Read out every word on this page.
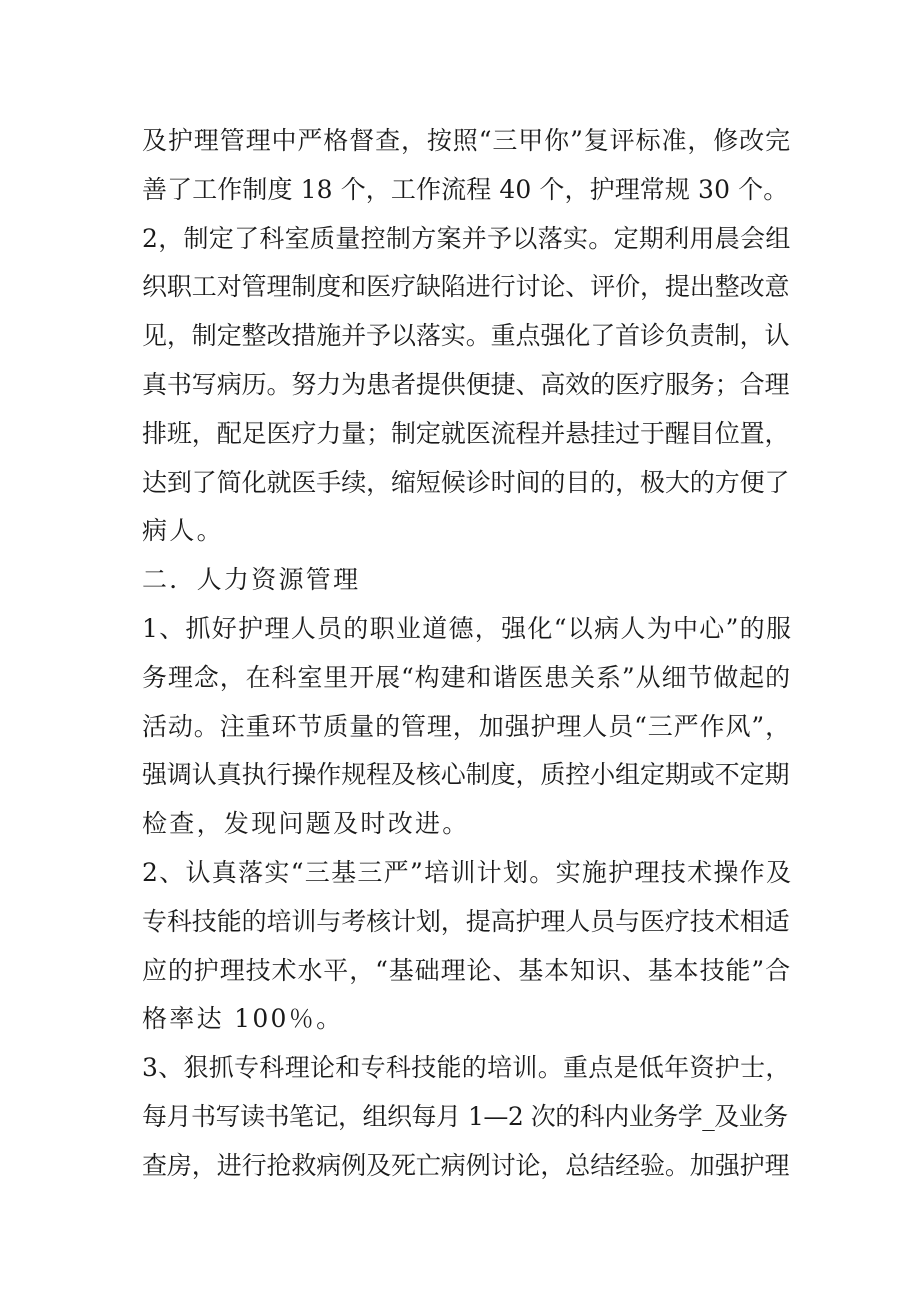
及护理管理中严格督查，按照“三甲你”复评标准，修改完
善了工作制度 18 个，工作流程 40 个，护理常规 30 个。
2，制定了科室质量控制方案并予以落实。定期利用晨会组
织职工对管理制度和医疗缺陷进行讨论、评价，提出整改意
见，制定整改措施并予以落实。重点强化了首诊负责制，认
真书写病历。努力为患者提供便捷、高效的医疗服务；合理
排班，配足医疗力量；制定就医流程并悬挂过于醒目位置，
达到了简化就医手续，缩短候诊时间的目的，极大的方便了
病人。
二．人力资源管理
1、抓好护理人员的职业道德，强化“以病人为中心”的服
务理念，在科室里开展“构建和谐医患关系”从细节做起的
活动。注重环节质量的管理，加强护理人员“三严作风”，
强调认真执行操作规程及核心制度，质控小组定期或不定期
检查，发现问题及时改进。
2、认真落实“三基三严”培训计划。实施护理技术操作及
专科技能的培训与考核计划，提高护理人员与医疗技术相适
应的护理技术水平，“基础理论、基本知识、基本技能”合
格率达 100％。
3、狠抓专科理论和专科技能的培训。重点是低年资护士，
每月书写读书笔记，组织每月 1—2 次的科内业务学_及业务
查房，进行抢救病例及死亡病例讨论，总结经验。加强护理
